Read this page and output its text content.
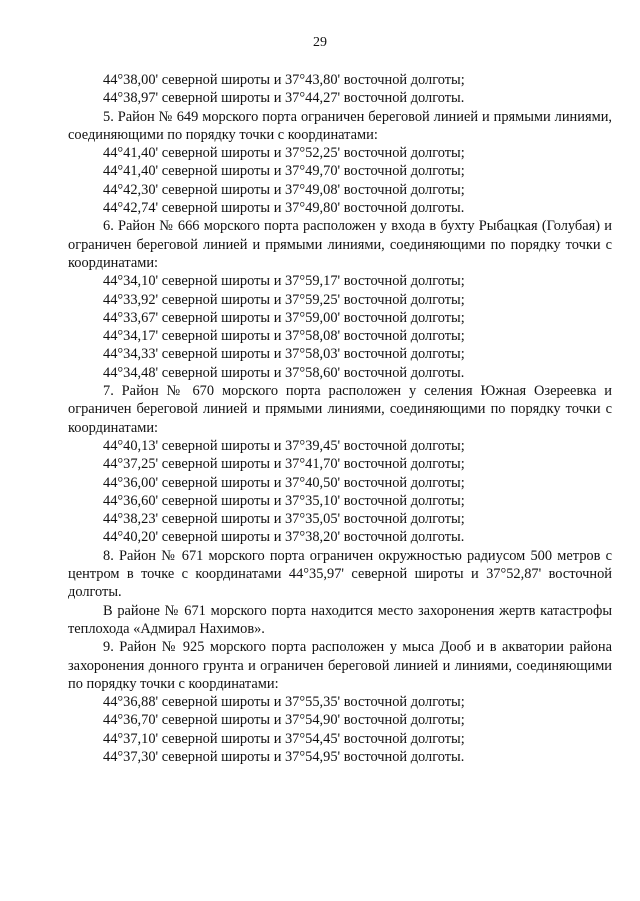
29
44°38,00' северной широты и 37°43,80' восточной долготы;
44°38,97' северной широты и 37°44,27' восточной долготы.
5. Район № 649 морского порта ограничен береговой линией и прямыми линиями, соединяющими по порядку точки с координатами:
44°41,40' северной широты и 37°52,25' восточной долготы;
44°41,40' северной широты и 37°49,70' восточной долготы;
44°42,30' северной широты и 37°49,08' восточной долготы;
44°42,74' северной широты и 37°49,80' восточной долготы.
6. Район № 666 морского порта расположен у входа в бухту Рыбацкая (Голубая) и ограничен береговой линией и прямыми линиями, соединяющими по порядку точки с координатами:
44°34,10' северной широты и 37°59,17' восточной долготы;
44°33,92' северной широты и 37°59,25' восточной долготы;
44°33,67' северной широты и 37°59,00' восточной долготы;
44°34,17' северной широты и 37°58,08' восточной долготы;
44°34,33' северной широты и 37°58,03' восточной долготы;
44°34,48' северной широты и 37°58,60' восточной долготы.
7. Район № 670 морского порта расположен у селения Южная Озереевка и ограничен береговой линией и прямыми линиями, соединяющими по порядку точки с координатами:
44°40,13' северной широты и 37°39,45' восточной долготы;
44°37,25' северной широты и 37°41,70' восточной долготы;
44°36,00' северной широты и 37°40,50' восточной долготы;
44°36,60' северной широты и 37°35,10' восточной долготы;
44°38,23' северной широты и 37°35,05' восточной долготы;
44°40,20' северной широты и 37°38,20' восточной долготы.
8. Район № 671 морского порта ограничен окружностью радиусом 500 метров с центром в точке с координатами 44°35,97' северной широты и 37°52,87' восточной долготы.
В районе № 671 морского порта находится место захоронения жертв катастрофы теплохода «Адмирал Нахимов».
9. Район № 925 морского порта расположен у мыса Дооб и в акватории района захоронения донного грунта и ограничен береговой линией и линиями, соединяющими по порядку точки с координатами:
44°36,88' северной широты и 37°55,35' восточной долготы;
44°36,70' северной широты и 37°54,90' восточной долготы;
44°37,10' северной широты и 37°54,45' восточной долготы;
44°37,30' северной широты и 37°54,95' восточной долготы.
